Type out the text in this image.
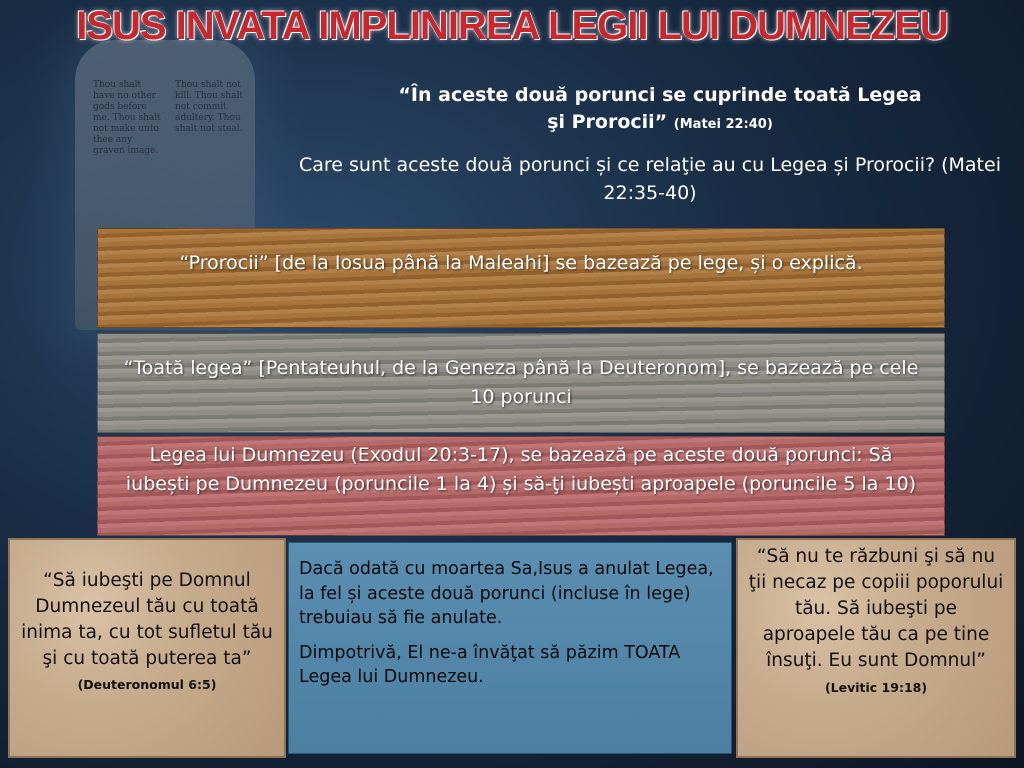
Thou shalt have no other gods before me. Thou shalt not make unto thee any graven image.
Thou shalt not kill. Thou shalt not commit adultery. Thou shalt not steal.
ISUS INVATA IMPLINIREA LEGII LUI DUMNEZEU
“În aceste două porunci se cuprinde toată Legea
şi Prorocii” (Matei 22:40)
Care sunt aceste două porunci și ce relaţie au cu Legea și Prorocii? (Matei 22:35-40)
“Prorocii” [de la Iosua până la Maleahi] se bazează pe lege, și o explică.
“Toată legea” [Pentateuhul, de la Geneza până la Deuteronom], se bazează pe cele 10 porunci
Legea lui Dumnezeu (Exodul 20:3-17), se bazează pe aceste două porunci: Să iubești pe Dumnezeu (poruncile 1 la 4) și să-ţi iubești aproapele (poruncile 5 la 10)
“Să iubeşti pe Domnul Dumnezeul tău cu toată inima ta, cu tot sufletul tău şi cu toată puterea ta”
(Deuteronomul 6:5)

Dacă odată cu moartea Sa,Isus a anulat Legea, la fel și aceste două porunci (incluse în lege) trebuiau să fie anulate.

Dimpotrivă, El ne-a învăţat să păzim TOATA Legea lui Dumnezeu.

“Să nu te răzbuni şi să nu ţii necaz pe copiii poporului tău. Să iubeşti pe aproapele tău ca pe tine însuţi. Eu sunt Domnul” (Levitic 19:18)
